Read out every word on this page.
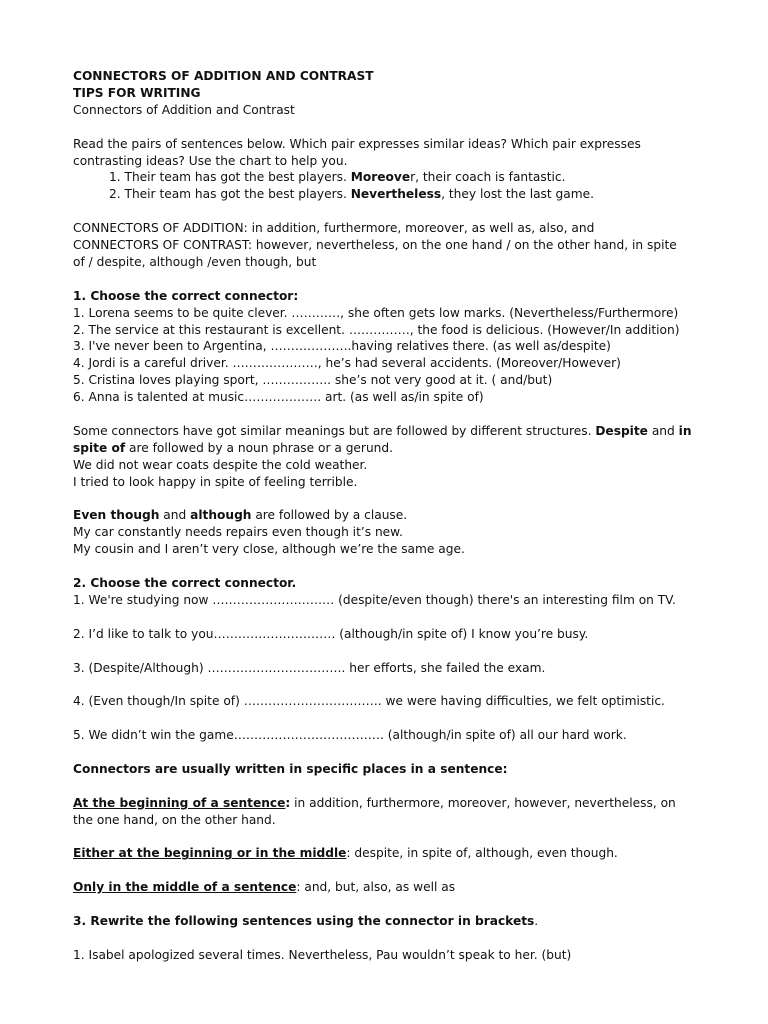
CONNECTORS OF ADDITION AND CONTRAST
TIPS FOR WRITING
Connectors of Addition and Contrast
Read the pairs of sentences below. Which pair expresses similar ideas? Which pair expresses
contrasting ideas? Use the chart to help you.
1. Their team has got the best players. Moreover, their coach is fantastic.
2. Their team has got the best players. Nevertheless, they lost the last game.
CONNECTORS OF ADDITION: in addition, furthermore, moreover, as well as, also, and
CONNECTORS OF CONTRAST: however, nevertheless, on the one hand / on the other hand, in spite
of / despite, although /even though, but
1. Choose the correct connector:
1. Lorena seems to be quite clever. …………, she often gets low marks. (Nevertheless/Furthermore)
2. The service at this restaurant is excellent. ……………, the food is delicious. (However/In addition)
3. I've never been to Argentina, ………………..having relatives there. (as well as/despite)
4. Jordi is a careful driver. …………………, he’s had several accidents. (Moreover/However)
5. Cristina loves playing sport, …………….. she’s not very good at it. ( and/but)
6. Anna is talented at music………………. art. (as well as/in spite of)
Some connectors have got similar meanings but are followed by different structures. Despite and in
spite of are followed by a noun phrase or a gerund.
We did not wear coats despite the cold weather.
I tried to look happy in spite of feeling terrible.
Even though and although are followed by a clause.
My car constantly needs repairs even though it’s new.
My cousin and I aren’t very close, although we’re the same age.
2. Choose the correct connector.
1. We're studying now ………………………… (despite/even though) there's an interesting film on TV.
2. I’d like to talk to you………………………… (although/in spite of) I know you’re busy.
3. (Despite/Although) ……………………………. her efforts, she failed the exam.
4. (Even though/In spite of) ……………………………. we were having difficulties, we felt optimistic.
5. We didn’t win the game………………………………. (although/in spite of) all our hard work.
Connectors are usually written in specific places in a sentence:
At the beginning of a sentence: in addition, furthermore, moreover, however, nevertheless, on
the one hand, on the other hand.
Either at the beginning or in the middle: despite, in spite of, although, even though.
Only in the middle of a sentence: and, but, also, as well as
3. Rewrite the following sentences using the connector in brackets.
1. Isabel apologized several times. Nevertheless, Pau wouldn’t speak to her. (but)
